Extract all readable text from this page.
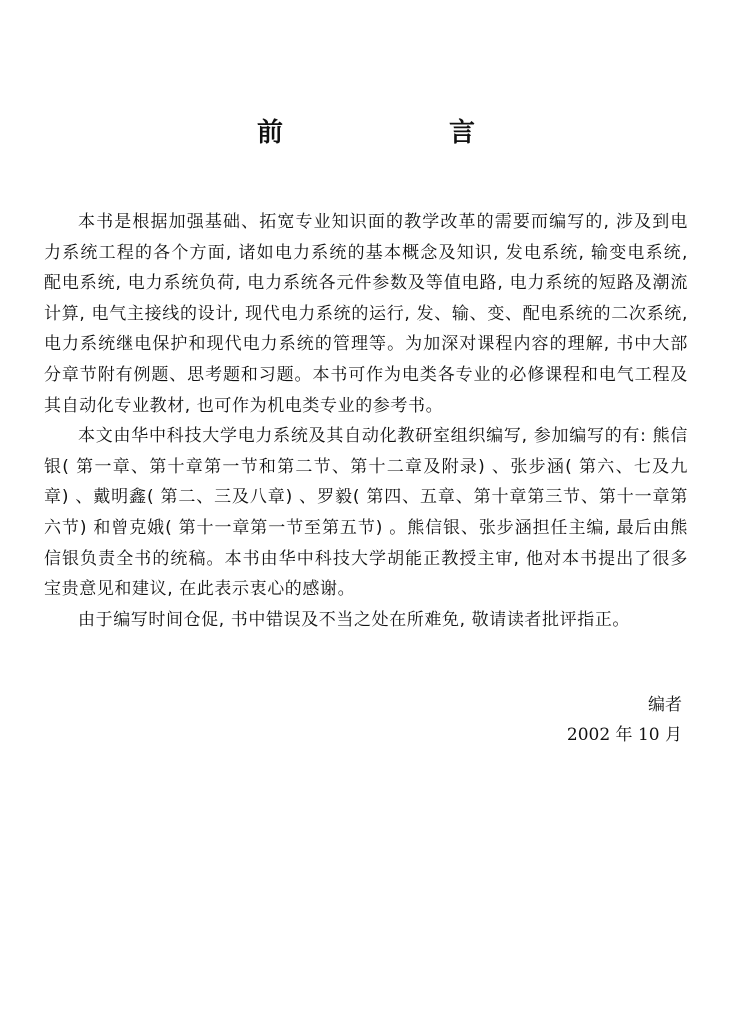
前　言

本书是根据加强基础、拓宽专业知识面的教学改革的需要而编写的, 涉及到电力系统工程的各个方面, 诸如电力系统的基本概念及知识, 发电系统, 输变电系统, 配电系统, 电力系统负荷, 电力系统各元件参数及等值电路, 电力系统的短路及潮流计算, 电气主接线的设计, 现代电力系统的运行, 发、输、变、配电系统的二次系统, 电力系统继电保护和现代电力系统的管理等。为加深对课程内容的理解, 书中大部分章节附有例题、思考题和习题。本书可作为电类各专业的必修课程和电气工程及其自动化专业教材, 也可作为机电类专业的参考书。

本文由华中科技大学电力系统及其自动化教研室组织编写, 参加编写的有: 熊信银( 第一章、第十章第一节和第二节、第十二章及附录) 、张步涵( 第六、七及九章) 、戴明鑫( 第二、三及八章) 、罗毅( 第四、五章、第十章第三节、第十一章第六节) 和曾克娥( 第十一章第一节至第五节) 。熊信银、张步涵担任主编, 最后由熊信银负责全书的统稿。本书由华中科技大学胡能正教授主审, 他对本书提出了很多宝贵意见和建议, 在此表示衷心的感谢。

由于编写时间仓促, 书中错误及不当之处在所难免, 敬请读者批评指正。

编者
2002 年 10 月
